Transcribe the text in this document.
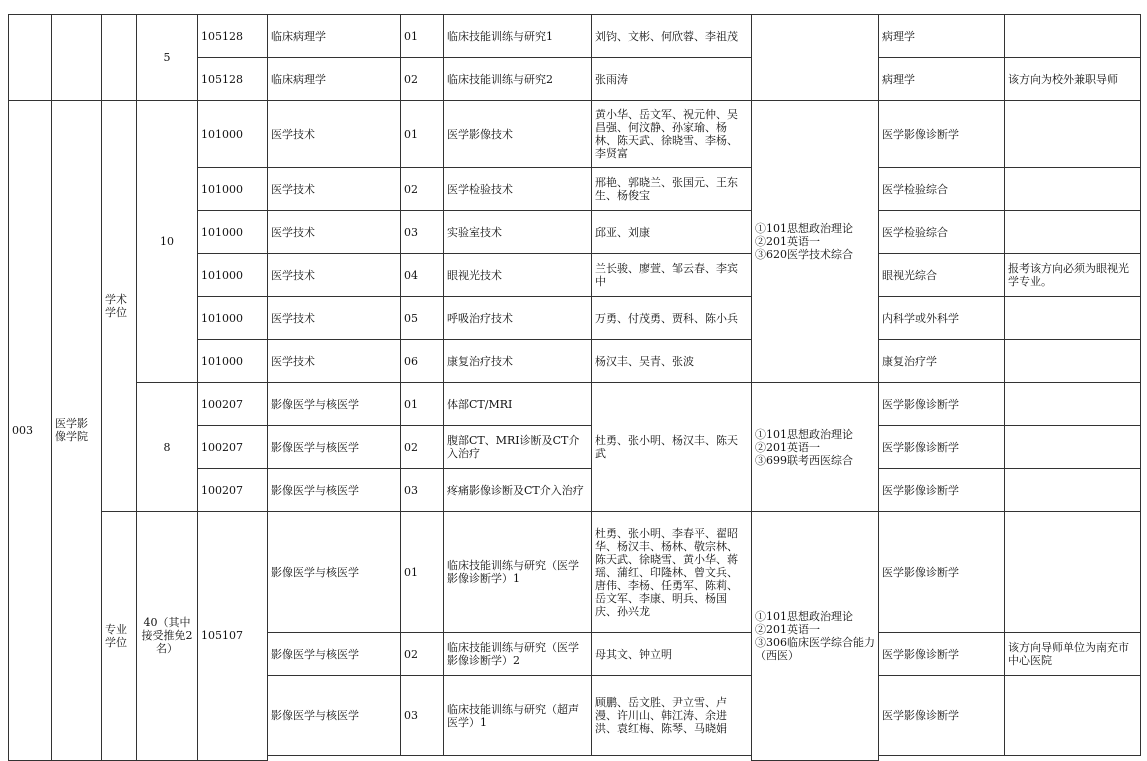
			5	105128	临床病理学	01	临床技能训练与研究1	刘钧、文彬、何欣蓉、李祖茂		病理学	
				105128	临床病理学	02	临床技能训练与研究2	张雨涛		病理学	该方向为校外兼职导师
003	医学影像学院	学术学位	10	101000	医学技术	01	医学影像技术	黄小华、岳文军、祝元仲、吴昌强、何汶静、孙家瑜、杨林、陈天武、徐晓雪、李杨、李贤富	①101思想政治理论
②201英语一
③620医学技术综合	医学影像诊断学	
				101000	医学技术	02	医学检验技术	邢艳、郭晓兰、张国元、王东生、杨俊宝		医学检验综合	
				101000	医学技术	03	实验室技术	邱亚、刘康		医学检验综合	
				101000	医学技术	04	眼视光技术	兰长骏、廖萱、邹云春、李宾中		眼视光综合	报考该方向必须为眼视光学专业。
				101000	医学技术	05	呼吸治疗技术	万勇、付茂勇、贾科、陈小兵		内科学或外科学	
				101000	医学技术	06	康复治疗技术	杨汉丰、吴青、张波		康复治疗学	
			8	100207	影像医学与核医学	01	体部CT/MRI	杜勇、张小明、杨汉丰、陈天武	①101思想政治理论
②201英语一
③699联考西医综合	医学影像诊断学	
				100207	影像医学与核医学	02	腹部CT、MRI诊断及CT介入治疗			医学影像诊断学	
				100207	影像医学与核医学	03	疼痛影像诊断及CT介入治疗			医学影像诊断学	
		专业学位	40（其中接受推免2名）	105107	影像医学与核医学	01	临床技能训练与研究（医学影像诊断学）1	杜勇、张小明、李春平、翟昭华、杨汉丰、杨林、敬宗林、陈天武、徐晓雪、黄小华、蒋瑶、蒲红、印隆林、曾文兵、唐伟、李杨、任勇军、陈莉、岳文军、李康、明兵、杨国庆、孙兴龙	①101思想政治理论
②201英语一
③306临床医学综合能力（西医）	医学影像诊断学	
					影像医学与核医学	02	临床技能训练与研究（医学影像诊断学）2	母其文、钟立明		医学影像诊断学	该方向导师单位为南充市中心医院
					影像医学与核医学	03	临床技能训练与研究（超声医学）1	顾鹏、岳文胜、尹立雪、卢漫、许川山、韩江涛、余进洪、袁红梅、陈琴、马晓娟		医学影像诊断学	
